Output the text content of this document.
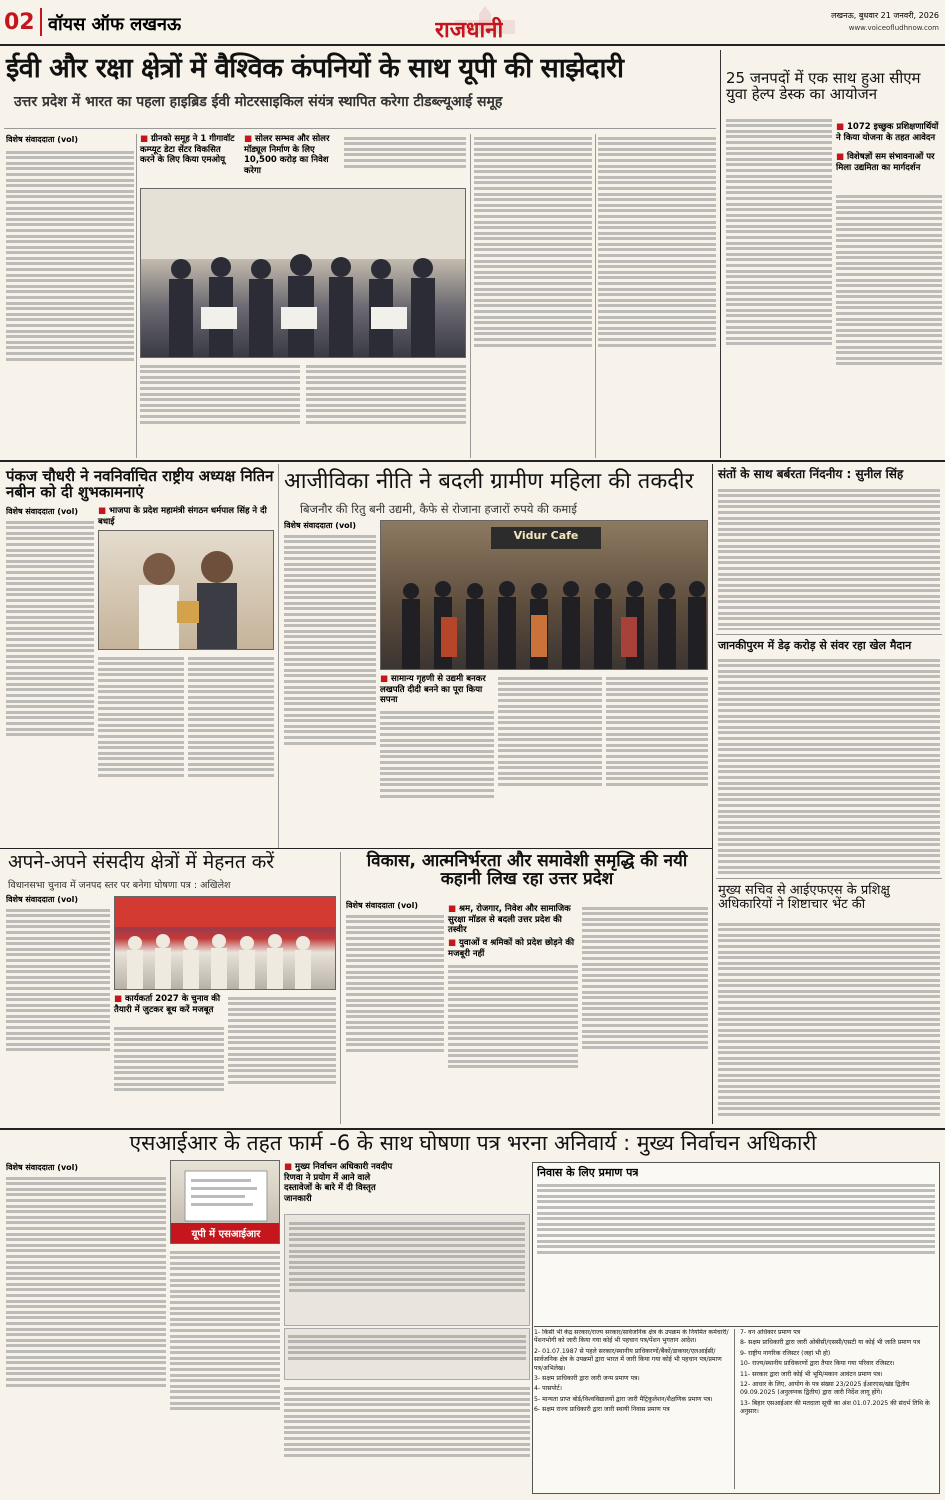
02 वॉयस ऑफ लखनऊ	राजधानी
लखनऊ, बुधवार 21 जनवरी, 2026
www.voiceofludhnow.com
ईवी और रक्षा क्षेत्रों में वैश्विक कंपनियों के साथ यूपी की साझेदारी
उत्तर प्रदेश में भारत का पहला हाइब्रिड ईवी मोटरसाइकिल संयंत्र स्थापित करेगा टीडब्ल्यूआई समूह
विशेष संवाददाता (vol)	■ ग्रीनको समूह ने 1 गीगावॉट कम्प्यूट डेटा सेंटर विकसित करने के लिए किया एमओयू
■ सोलर सम्भव और सोलर मॉड्यूल निर्माण के लिए 10,500 करोड़ का निवेश करेगा
25 जनपदों में एक साथ हुआ सीएम युवा हेल्प डेस्क का आयोजन
■ 1072 इच्छुक प्रशिक्षणार्थियों ने किया योजना के तहत आवेदन
■ विशेषज्ञों सम संभावनाओं पर मिला उद्यमिता का मार्गदर्शन
पंकज चौधरी ने नवनिर्वाचित राष्ट्रीय अध्यक्ष नितिन नबीन को दी शुभकामनाएं
विशेष संवाददाता (vol) ■ भाजपा के प्रदेश महामंत्री संगठन धर्मपाल सिंह ने दी बधाई
आजीविका नीति ने बदली ग्रामीण महिला की तकदीर
बिजनौर की रितु बनी उद्यमी, कैफे से रोजाना हजारों रुपये की कमाई
विशेष संवाददाता (vol)
Vidur Cafe
■ सामान्य गृहणी से उद्यमी बनकर लखपति दीदी बनने का पूरा किया सपना
संतों के साथ बर्बरता निंदनीय : सुनील सिंह
जानकीपुरम में डेढ़ करोड़ से संवर रहा खेल मैदान
मुख्य सचिव से आईएफएस के प्रशिक्षु अधिकारियों ने शिष्टाचार भेंट की
अपने-अपने संसदीय क्षेत्रों में मेहनत करें
विधानसभा चुनाव में जनपद स्तर पर बनेगा घोषणा पत्र : अखिलेश
विशेष संवाददाता (vol)
■ कार्यकर्ता 2027 के चुनाव की तैयारी में जुटकर बूथ करें मजबूत
विकास, आत्मनिर्भरता और समावेशी समृद्धि की नयी कहानी लिख रहा उत्तर प्रदेश
विशेष संवाददाता (vol)	■ श्रम, रोजगार, निवेश और सामाजिक सुरक्षा मॉडल से बदली उत्तर प्रदेश की तस्वीर
■ युवाओं व श्रमिकों को प्रदेश छोड़ने की मजबूरी नहीं
एसआईआर के तहत फार्म -6 के साथ घोषणा पत्र भरना अनिवार्य : मुख्य निर्वाचन अधिकारी
विशेष संवाददाता (vol)
यूपी में एसआईआर
■ मुख्य निर्वाचन अधिकारी नवदीप रिणवा ने प्रयोग में आने वाले दस्तावेजों के बारे में दी विस्तृत जानकारी
निवास के लिए प्रमाण पत्र
1- किसी भी केंद्र सरकार/राज्य सरकार/सार्वजनिक क्षेत्र के उपक्रम के नियमित कर्मचारी/पेंशनभोगी को जारी किया गया कोई भी पहचान पत्र/पेंशन भुगतान आदेश।
2- 01.07.1987 से पहले सरकार/स्थानीय प्राधिकरणों/बैंकों/डाकघर/एलआईसी/सार्वजनिक क्षेत्र के उपक्रमों द्वारा भारत में जारी किया गया कोई भी पहचान पत्र/प्रमाण पत्र/अभिलेख।
3- सक्षम प्राधिकारी द्वारा जारी जन्म प्रमाण पत्र।
4- पासपोर्ट।
5- मान्यता प्राप्त बोर्ड/विश्वविद्यालयों द्वारा जारी मैट्रिकुलेशन/शैक्षणिक प्रमाण पत्र।
6- सक्षम राज्य प्राधिकारी द्वारा जारी स्थायी निवास प्रमाण पत्र
7- वन अधिकार प्रमाण पत्र
8- सक्षम प्राधिकारी द्वारा जारी ओबीसी/एससी/एसटी या कोई भी जाति प्रमाण पत्र
9- राष्ट्रीय नागरिक रजिस्टर (जहां भी हो)
10- राज्य/स्थानीय प्राधिकरणों द्वारा तैयार किया गया परिवार रजिस्टर।
11- सरकार द्वारा जारी कोई भी भूमि/मकान आवंटन प्रमाण पत्र।
12- आधार के लिए, आयोग के पत्र संख्या 23/2025 ईआरएस/खंड द्वितीय 09.09.2025 (अनुलग्नक द्वितीय) द्वारा जारी निर्देश लागू होंगे।
13- बिहार एसआईआर की मतदाता सूची का अंश 01.07.2025 की संदर्भ तिथि के अनुसार।
